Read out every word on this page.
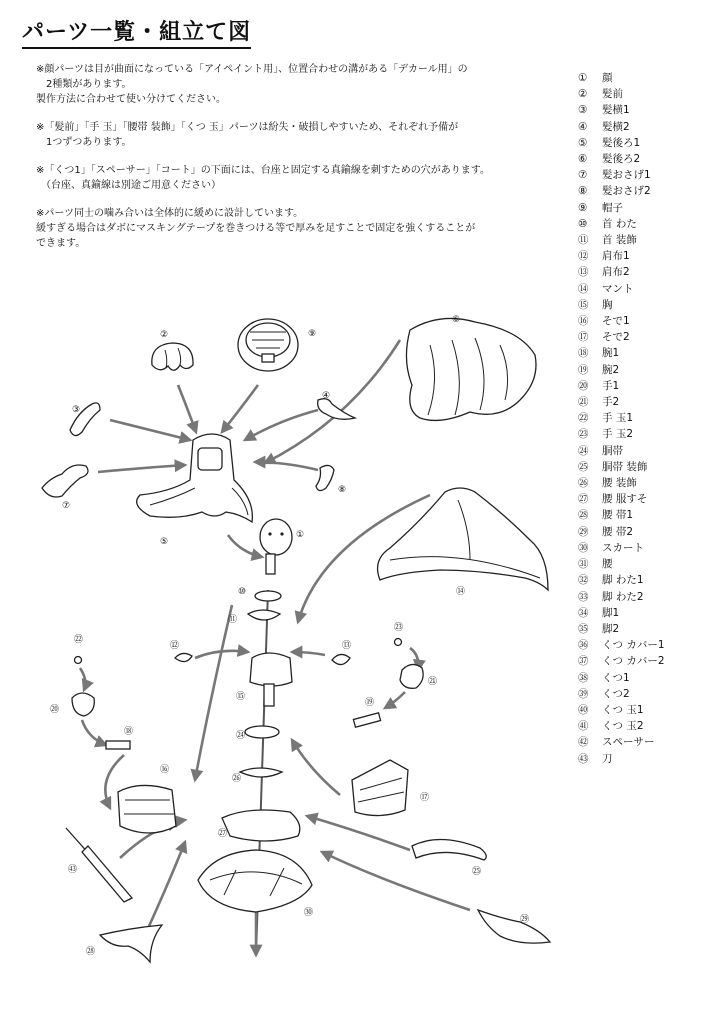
パーツ一覧・組立て図

※顔パーツは目が曲面になっている「アイペイント用」、位置合わせの溝がある「デカール用」の
　2種類があります。
製作方法に合わせて使い分けてください。

※「髪前」「手 玉」「腰帯 装飾」「くつ 玉」パーツは紛失・破損しやすいため、それぞれ予備が
　1つずつあります。

※「くつ1」「スペーサー」「コート」の下面には、台座と固定する真鍮線を刺すための穴があります。
　（台座、真鍮線は別途ご用意ください）

※パーツ同士の噛み合いは全体的に緩めに設計しています。
緩すぎる場合はダボにマスキングテープを巻きつける等で厚みを足すことで固定を強くすることが
できます。

①	顔
②	髪前
③	髪横1
④	髪横2
⑤	髪後ろ1
⑥	髪後ろ2
⑦	髪おさげ1
⑧	髪おさげ2
⑨	帽子
⑩	首 わた
⑪	首 装飾
⑫	肩布1
⑬	肩布2
⑭	マント
⑮	胸
⑯	そで1
⑰	そで2
⑱	腕1
⑲	腕2
⑳	手1
㉑	手2
㉒	手 玉1
㉓	手 玉2
㉔	胴帯
㉕	胴帯 装飾
㉖	腰 装飾
㉗	腰 服すそ
㉘	腰 帯1
㉙	腰 帯2
㉚	スカート
㉛	腰
㉜	脚 わた1
㉝	脚 わた2
㉞	脚1
㉟	脚2
㊱	くつ カバー1
㊲	くつ カバー2
㊳	くつ1
㊴	くつ2
㊵	くつ 玉1
㊶	くつ 玉2
㊷	スペーサー
㊸	刀
②	⑨
③
④
⑥
⑦
⑧
⑤
①
⑭
⑩
⑪
⑫	⑬
⑮
㉓
㉑
⑲
㉒
⑳
⑱	㉔
⑯
㉖
⑰
㉗
㉕
㊸
㉚
㉙
㉘
